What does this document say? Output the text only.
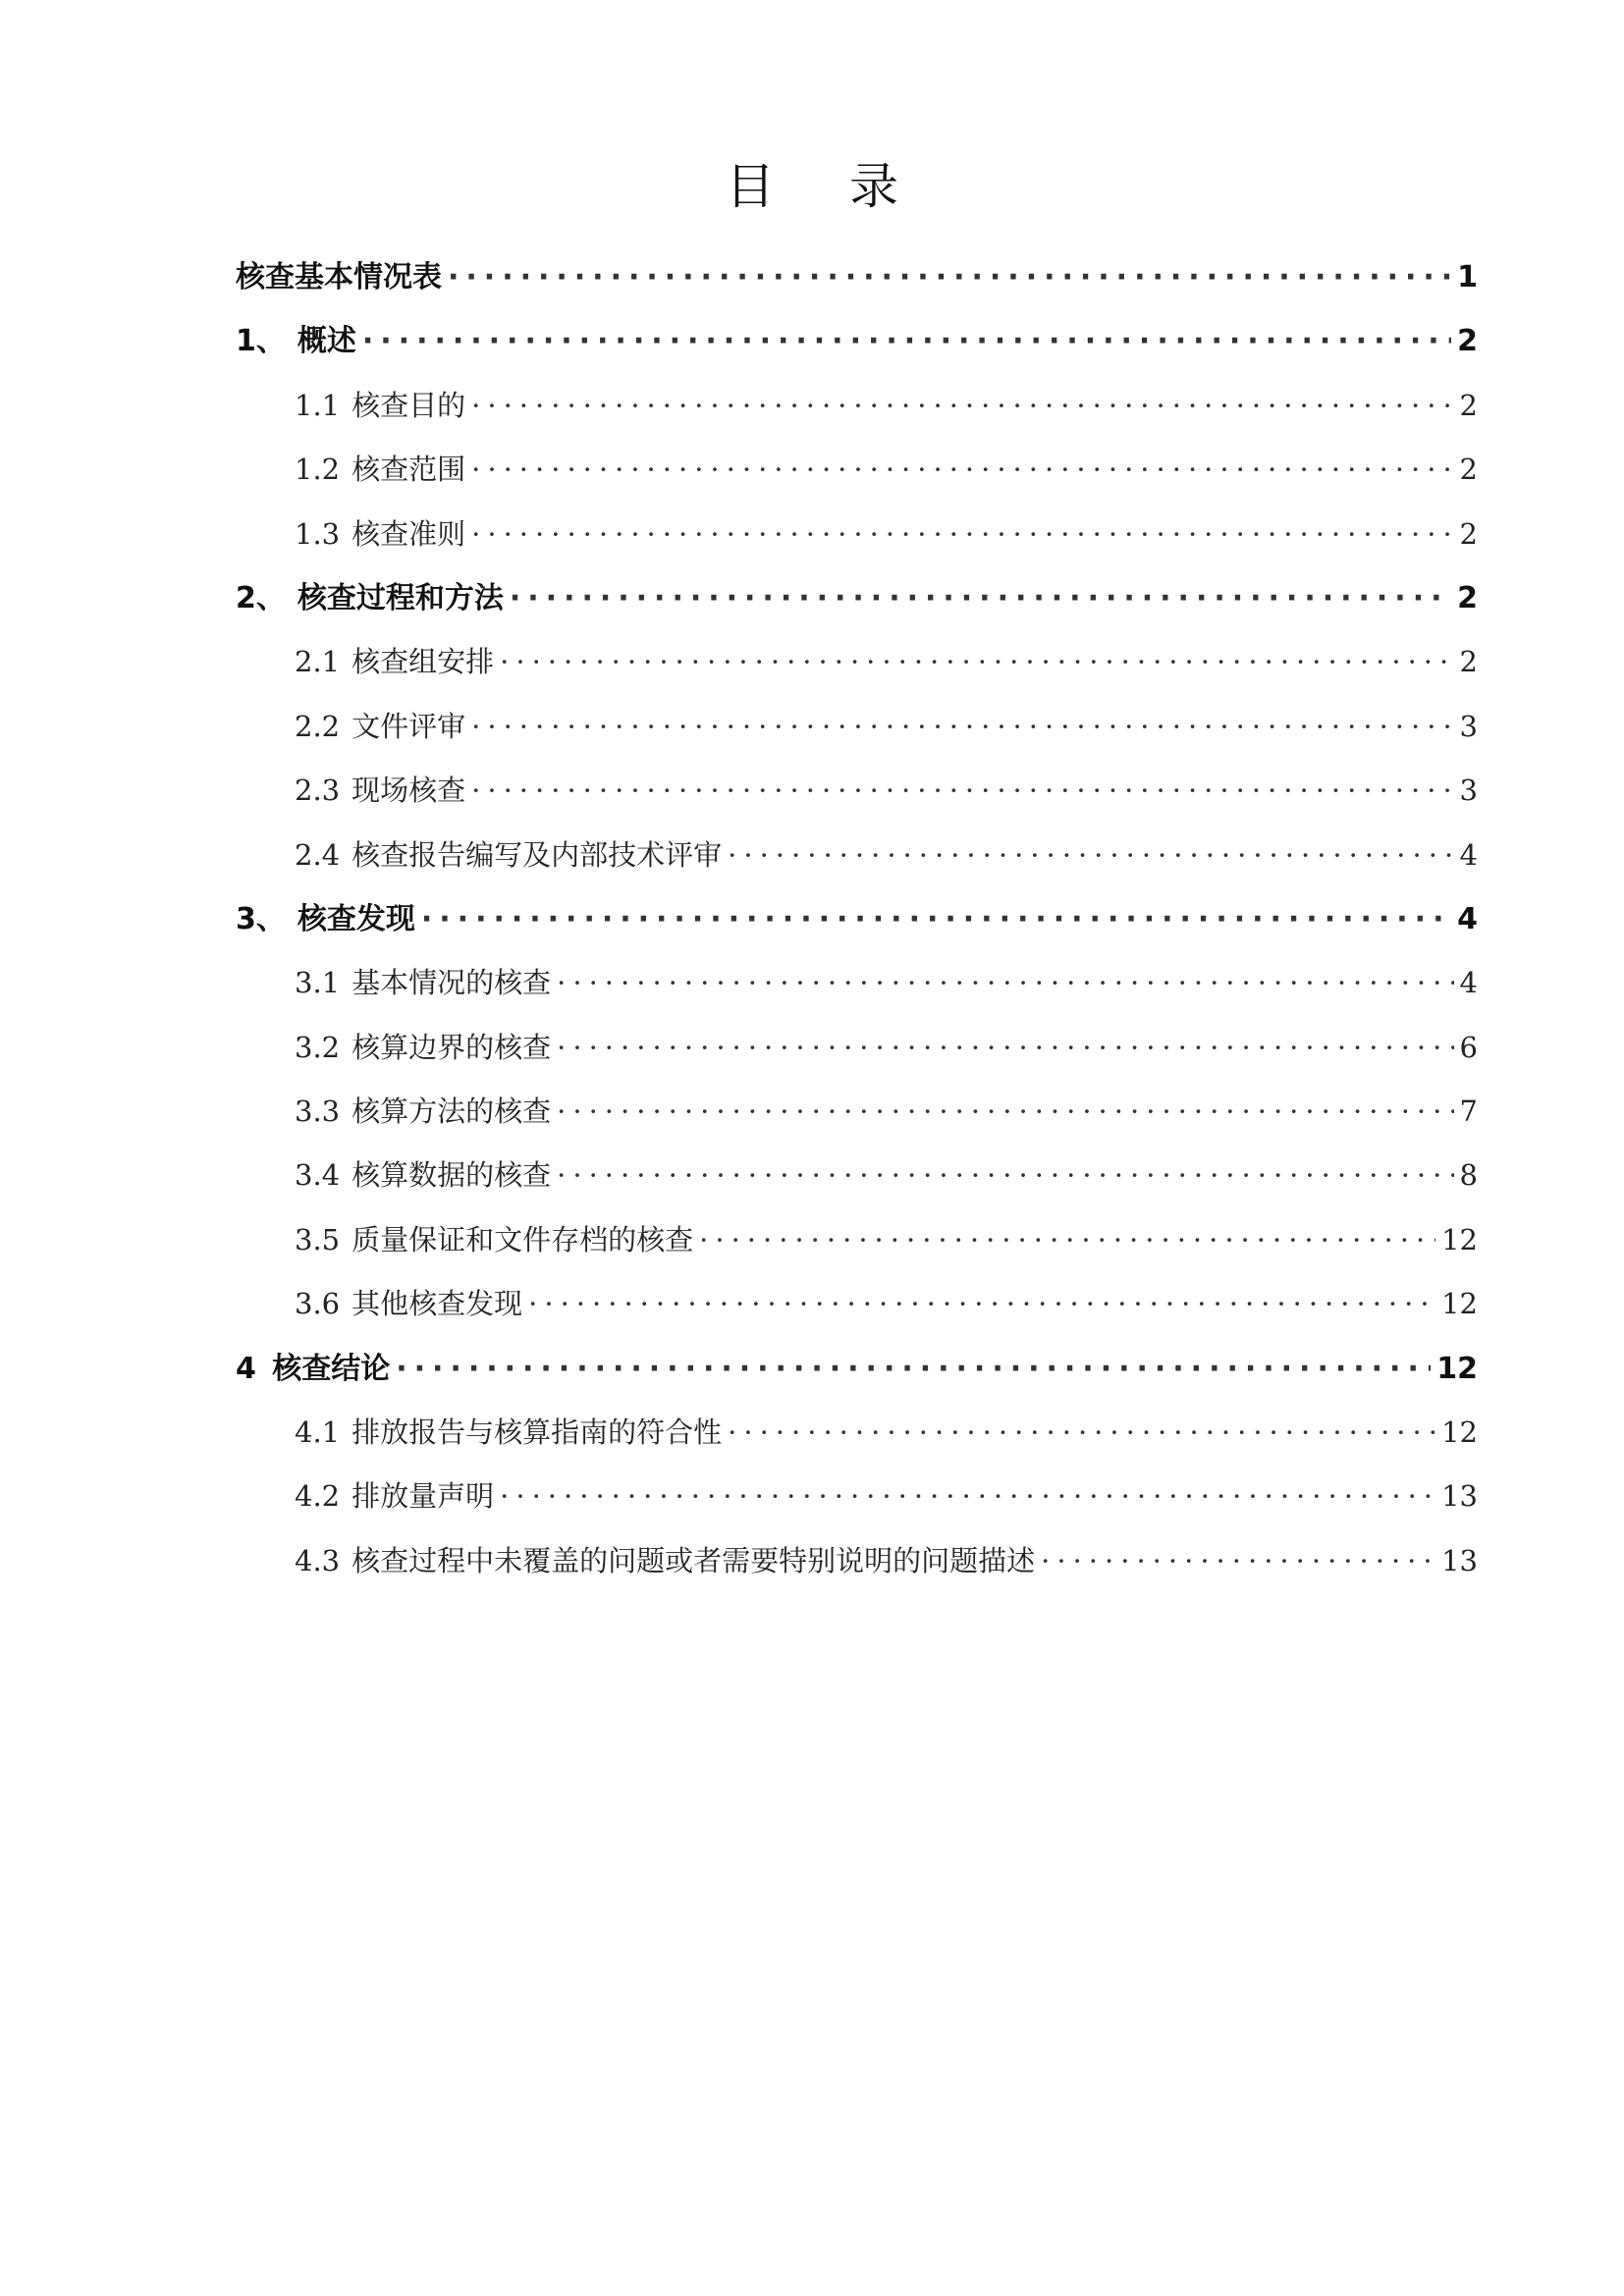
目 录
核查基本情况表 ·····	1
1、 概述 ·····	2
1.1 核查目的 ·····	2
1.2 核查范围 ·····	2
1.3 核查准则 ·····	2
2、 核查过程和方法 ·····	2
2.1 核查组安排 ·····	2
2.2 文件评审 ·····	3
2.3 现场核查 ·····	3
2.4 核查报告编写及内部技术评审 ·····	4
3、 核查发现 ·····	4
3.1 基本情况的核查 ·····	4
3.2 核算边界的核查 ·····	6
3.3 核算方法的核查 ·····	7
3.4 核算数据的核查 ·····	8
3.5 质量保证和文件存档的核查 ·····	12
3.6 其他核查发现 ·····	12
4 核查结论 ·····	12
4.1 排放报告与核算指南的符合性 ·····	12
4.2 排放量声明 ·····	13
4.3 核查过程中未覆盖的问题或者需要特别说明的问题描述 ·····	13
